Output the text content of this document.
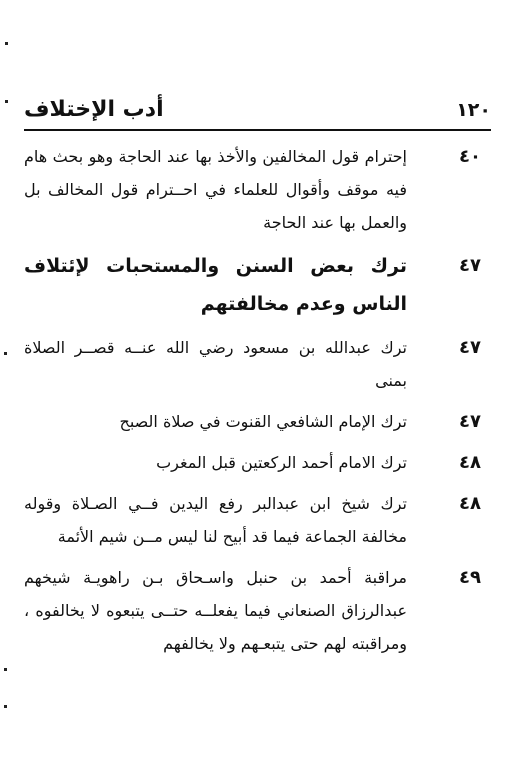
١٢٠
أدب الإختلاف
٤٠
إحترام قول المخالفين والأخذ بها عند الحاجة وهو بحث هام فيه موقف وأقوال للعلماء في احــترام قول المخالف بل والعمل بها عند الحاجة
٤٧
ترك بعض السنن والمستحبات لإئتلاف الناس وعدم مخالفتهم
٤٧
ترك عبدالله بن مسعود رضي الله عنــه قصــر الصلاة بمنى
٤٧
ترك الإمام الشافعي القنوت في صلاة الصبح
٤٨
ترك الامام أحمد الركعتين قبل المغرب
٤٨
ترك شيخ ابن عبدالبر رفع اليدين فــي الصـلاة وقوله مخالفة الجماعة فيما قد أبيح لنا ليس مــن شيم الأئمة
٤٩
مراقبة أحمد بن حنبل واسـحاق بـن راهويـة شيخهم عبدالرزاق الصنعاني فيما يفعلــه حتــى يتبعوه لا يخالفوه ، ومراقبته لهم حتى يتبعـهم ولا يخالفهم
